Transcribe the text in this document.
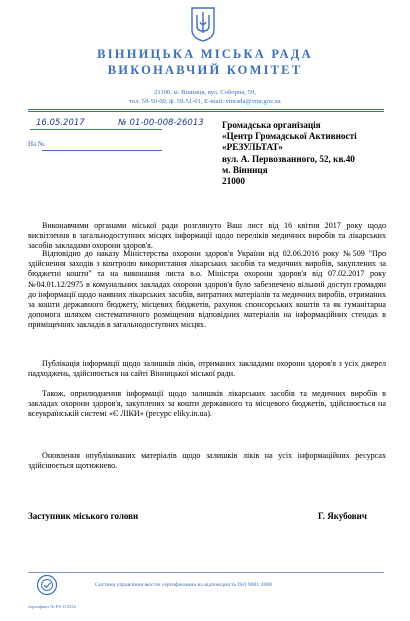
ВІННИЦЬКА МІСЬКА РАДА
ВИКОНАВЧИЙ КОМІТЕТ
21100, м. Вінниця, вул. Соборна, 59,
тел. 59-50-00, ф. 59-51-01, E-mail: vinrada@vmr.gov.ua
16.05.2017	№ 01-00-008-26013
На №
Громадська організація
«Центр Громадської Активності
«РЕЗУЛЬТАТ»
вул. А. Первозванного, 52, кв.40
м. Вінниця
21000

Виконавчими органами міської ради розглянуто Ваш лист від 16 квітня 2017 року щодо висвітлення в загальнодоступних місцях інформації щодо переліків медичних виробів та лікарських засобів закладами охорони здоров'я.

Відповідно до наказу Міністерства охорони здоров'я України від 02.06.2016 року №509 "Про здійснення заходів з контролю використання лікарських засобів та медичних виробів, закуплених за бюджетні кошти" та на виконання листа в.о. Міністра охорони здоров'я від 07.02.2017 року №04.01.12/2975 в комунальних закладах охорони здоров'я було забезпечено вільний доступ громадян до інформації щодо наявних лікарських засобів, витратних матеріалів та медичних виробів, отриманих за кошти державного бюджету, місцевих бюджетів, рахунок спонсорських коштів та як гуманітарна допомога шляхом систематичного розміщення відповідних матеріалів на інформаційних стендах в приміщеннях закладів в загальнодоступних місцях.

Публікація інформації щодо залишків ліків, отриманих закладами охорони здоров'я з усіх джерел надходжень, здійснюється на сайті Вінницької міської ради.

Також, оприлюднення інформації щодо залишків лікарських засобів та медичних виробів в закладах охорони здоров'я, закуплених за кошти державного та місцевого бюджетів, здійснюється на всеукраїнській системі «Є ЛІКИ» (ресурс eliky.in.ua).

Оновлення опублікованих матеріалів щодо залишків ліків на усіх інформаційних ресурсах здійснюється щотижнево.

Заступник міського голови	Г. Якубович
Система управління якістю сертифікована на відповідність ISO 9001:2008
сертифікат № FS 515532
